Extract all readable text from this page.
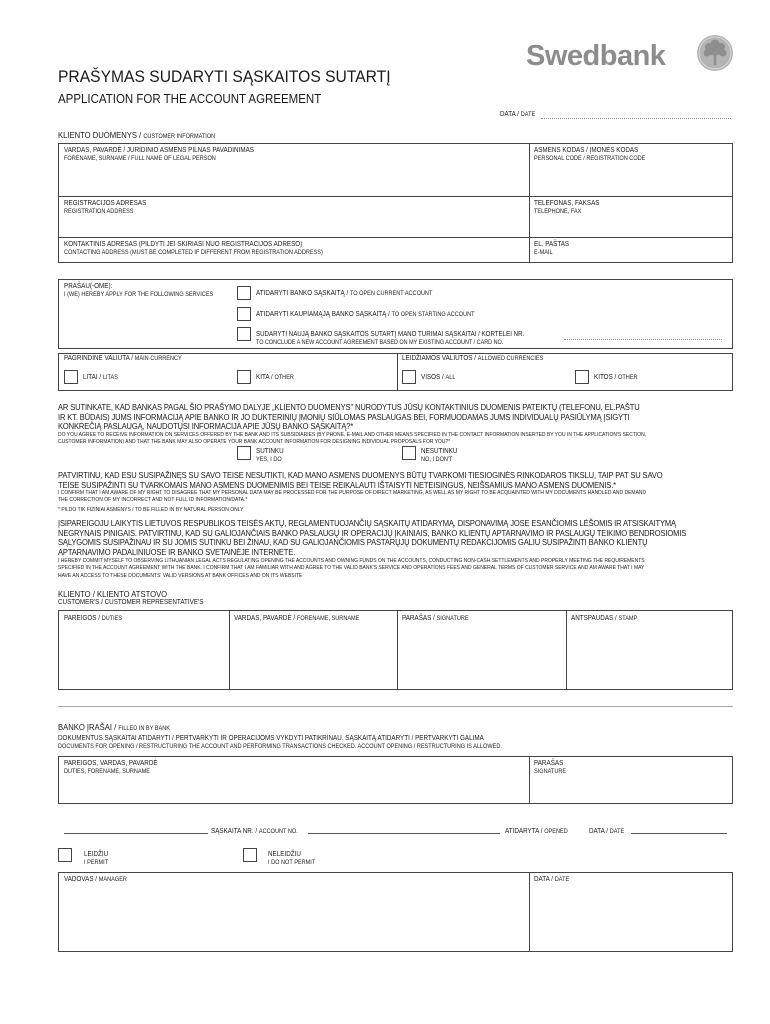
PRAŠYMAS SUDARYTI SĄSKAITOS SUTARTĮ
APPLICATION FOR THE ACCOUNT AGREEMENT
Swedbank
DATA / DATE
KLIENTO DUOMENYS / CUSTOMER INFORMATION
VARDAS, PAVARDĖ / JURIDINIO ASMENS PILNAS PAVADINIMAS
FORENAME, SURNAME / FULL NAME OF LEGAL PERSON
ASMENS KODAS / ĮMONĖS KODAS
PERSONAL CODE / REGISTRATION CODE
REGISTRACIJOS ADRESAS
REGISTRATION ADDRESS
TELEFONAS, FAKSAS
TELEPHONE, FAX
KONTAKTINIS ADRESAS (PILDYTI JEI SKIRIASI NUO REGISTRACIJOS ADRESO)
CONTACTING ADDRESS (MUST BE COMPLETED IF DIFFERENT FROM REGISTRATION ADDRESS)
EL. PAŠTAS
E-MAIL
PRAŠAU(-OME):
I (WE) HEREBY APPLY FOR THE FOLLOWING SERVICES	ATIDARYTI BANKO SĄSKAITĄ / TO OPEN CURRENT ACCOUNT
ATIDARYTI KAUPIAMĄJĄ BANKO SĄSKAITĄ / TO OPEN STARTING ACCOUNT
SUDARYTI NAUJĄ BANKO SĄSKAITOS SUTARTĮ MANO TURIMAI SĄSKAITAI / KORTELEI NR.
TO CONCLUDE A NEW ACCOUNT AGREEMENT BASED ON MY EXISTING ACCOUNT / CARD NO.
PAGRINDINĖ VALIUTA / MAIN CURRENCY	LEIDŽIAMOS VALIUTOS / ALLOWED CURRENCIES
LITAI / LITAS	KITA / OTHER	VISOS / ALL	KITOS / OTHER
AR SUTINKATE, KAD BANKAS PAGAL ŠIO PRAŠYMO DALYJE „KLIENTO DUOMENYS" NURODYTUS JŪSŲ KONTAKTINIUS DUOMENIS PATEIKTŲ (TELEFONU, EL.PAŠTU
IR KT. BŪDAIS) JUMS INFORMACIJĄ APIE BANKO IR JO DUKTERINIŲ ĮMONIŲ SIŪLOMAS PASLAUGAS BEI, FORMUODAMAS JUMS INDIVIDUALŲ PASIŪLYMĄ ĮSIGYTI
KONKREČIĄ PASLAUGĄ, NAUDOTŲSI INFORMACIJA APIE JŪSŲ BANKO SĄSKAITĄ?*
DO YOU AGREE TO RECEIVE INFORMATION ON SERVICES OFFERED BY THE BANK AND ITS SUBSIDIARIES (BY PHONE, E-MAIL AND OTHER MEANS SPECIFIED IN THE CONTACT INFORMATION INSERTED BY YOU IN THE APPLICATION'S SECTION,
CUSTOMER INFORMATION) AND THAT THE BANK MAY ALSO OPERATE YOUR BANK ACCOUNT INFORMATION FOR DESIGNING INDIVIDUAL PROPOSALS FOR YOU?*
SUTINKU
YES, I DO
NESUTINKU
NO, I DON'T
PATVIRTINU, KAD ESU SUSIPAŽINĘS SU SAVO TEISE NESUTIKTI, KAD MANO ASMENS DUOMENYS BŪTŲ TVARKOMI TIESIOGINĖS RINKODAROS TIKSLU, TAIP PAT SU SAVO
TEISE SUSIPAŽINTI SU TVARKOMAIS MANO ASMENS DUOMENIMIS BEI TEISE REIKALAUTI IŠTAISYTI NETEISINGUS, NEIŠSAMIUS MANO ASMENS DUOMENIS.*
I CONFIRM THAT I AM AWARE OF MY RIGHT TO DISAGREE THAT MY PERSONAL DATA MAY BE PROCESSED FOR THE PURPOSE OF DIRECT MARKETING, AS WELL AS MY RIGHT TO BE ACQUAINTED WITH MY DOCUMENTS HANDLED AND DEMAND
THE CORRECTION OF MY INCORRECT AND NOT FULL ID INFORMATION/DATA.*
* PILDO TIK FIZINIAI ASMENYS / TO BE FILLED IN BY NATURAL PERSON ONLY
ĮSIPAREIGOJU LAIKYTIS LIETUVOS RESPUBLIKOS TEISĖS AKTŲ, REGLAMENTUOJANČIŲ SĄSKAITŲ ATIDARYMĄ, DISPONAVIMĄ JOSE ESANČIOMIS LĖŠOMIS IR ATSISKAITYMĄ
NEGRYNAIS PINIGAIS. PATVIRTINU, KAD SU GALIOJANČIAIS BANKO PASLAUGŲ IR OPERACIJŲ ĮKAINIAIS, BANKO KLIENTŲ APTARNAVIMO IR PASLAUGŲ TEIKIMO BENDROSIOMIS
SĄLYGOMIS SUSIPAŽINAU IR SU JOMIS SUTINKU BEI ŽINAU, KAD SU GALIOJANČIOMIS PASTARŲJŲ DOKUMENTŲ REDAKCIJOMIS GALIU SUSIPAŽINTI BANKO KLIENTŲ
APTARNAVIMO PADALINIUOSE IR BANKO SVETAINĖJE INTERNETE.
I HEREBY COMMIT MYSELF TO OBSERVING LITHUANIAN LEGAL ACTS REGULATING OPENING THE ACCOUNTS AND OWNING FUNDS ON THE ACCOUNTS, CONDUCTING NON-CASH SETTLEMENTS AND PROPERLY MEETING THE REQUIREMENTS
SPECIFIED IN THE ACCOUNT AGREEMENT WITH THE BANK. I CONFIRM THAT I AM FAMILIAR WITH AND AGREE TO THE VALID BANK'S SERVICE AND OPERATIONS FEES AND GENERAL TERMS OF CUSTOMER SERVICE AND AM AWARE THAT I MAY
HAVE AN ACCESS TO THESE DOCUMENTS' VALID VERSIONS AT BANK OFFICES AND ON ITS WEBSITE
KLIENTO / KLIENTO ATSTOVO
CUSTOMER'S / CUSTOMER REPRESENTATIVE'S
PAREIGOS / DUTIES	VARDAS, PAVARDĖ / FORENAME, SURNAME	PARAŠAS / SIGNATURE	ANTSPAUDAS / STAMP
BANKO ĮRAŠAI / FILLED IN BY BANK
DOKUMENTUS SĄSKAITAI ATIDARYTI / PERTVARKYTI IR OPERACIJOMS VYKDYTI PATIKRINAU. SĄSKAITĄ ATIDARYTI / PERTVARKYTI GALIMA
DOCUMENTS FOR OPENING / RESTRUCTURING THE ACCOUNT AND PERFORMING TRANSACTIONS CHECKED. ACCOUNT OPENING / RESTRUCTURING IS ALLOWED.
PAREIGOS, VARDAS, PAVARDĖ
DUTIES, FORENAME, SURNAME
PARAŠAS
SIGNATURE
SĄSKAITA NR. / ACCOUNT NO.	ATIDARYTA / OPENED	DATA / DATE
LEIDŽIU
I PERMIT
NELEIDŽIU
I DO NOT PERMIT
VADOVAS / MANAGER	DATA / DATE
